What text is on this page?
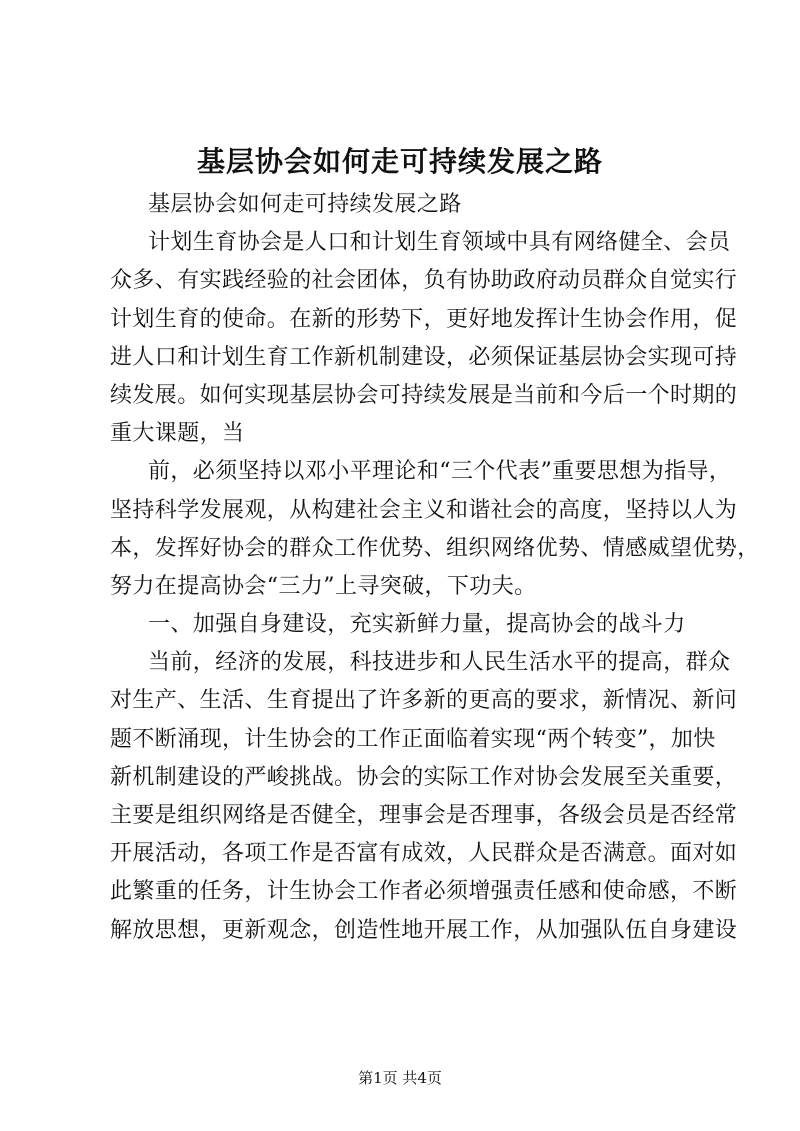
基层协会如何走可持续发展之路
基层协会如何走可持续发展之路
计划生育协会是人口和计划生育领域中具有网络健全、会员
众多、有实践经验的社会团体，负有协助政府动员群众自觉实行
计划生育的使命。在新的形势下，更好地发挥计生协会作用，促
进人口和计划生育工作新机制建设，必须保证基层协会实现可持
续发展。如何实现基层协会可持续发展是当前和今后一个时期的
重大课题，当
前，必须坚持以邓小平理论和“三个代表”重要思想为指导，
坚持科学发展观，从构建社会主义和谐社会的高度，坚持以人为
本，发挥好协会的群众工作优势、组织网络优势、情感威望优势，
努力在提高协会“三力”上寻突破，下功夫。
一、加强自身建设，充实新鲜力量，提高协会的战斗力
当前，经济的发展，科技进步和人民生活水平的提高，群众
对生产、生活、生育提出了许多新的更高的要求，新情况、新问
题不断涌现，计生协会的工作正面临着实现“两个转变”，加快
新机制建设的严峻挑战。协会的实际工作对协会发展至关重要，
主要是组织网络是否健全，理事会是否理事，各级会员是否经常
开展活动，各项工作是否富有成效，人民群众是否满意。面对如
此繁重的任务，计生协会工作者必须增强责任感和使命感，不断
解放思想，更新观念，创造性地开展工作，从加强队伍自身建设
第1页 共4页
